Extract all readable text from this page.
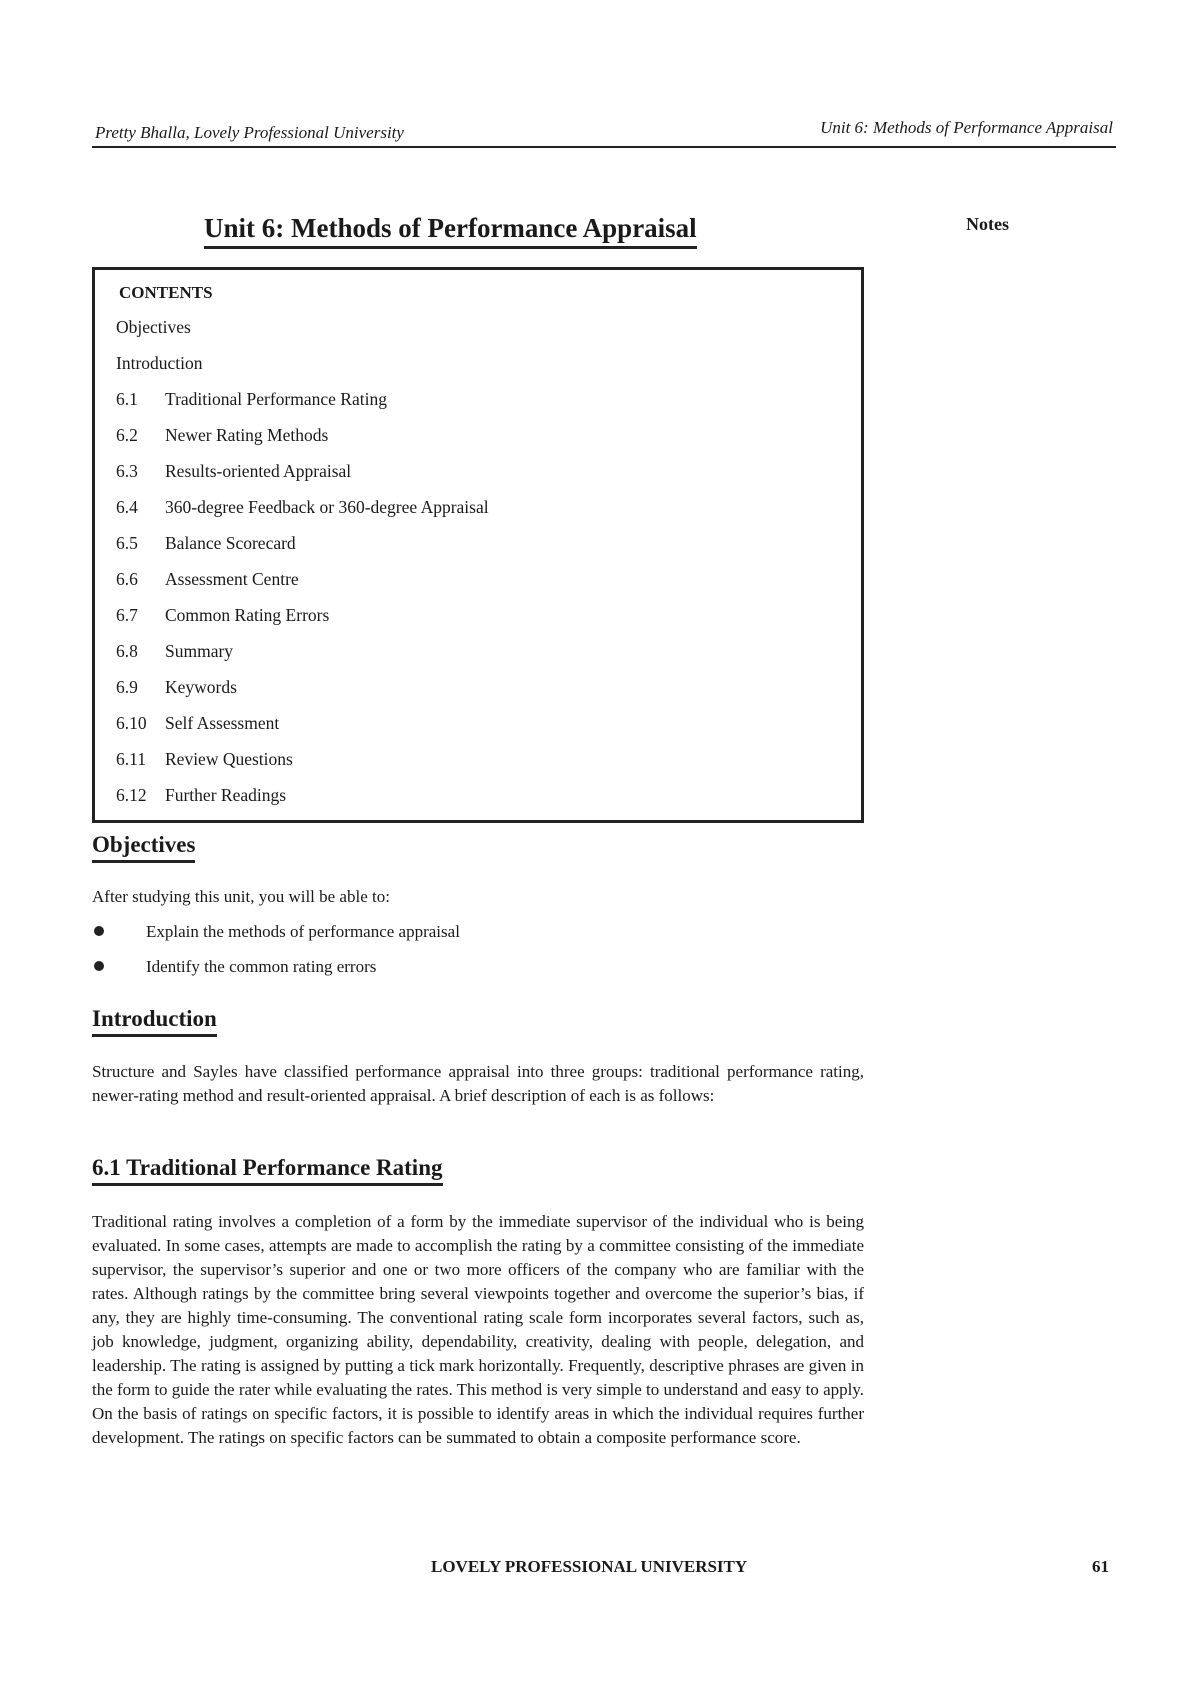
Pretty Bhalla, Lovely Professional University	Unit 6: Methods of Performance Appraisal
Unit 6: Methods of Performance Appraisal	Notes
CONTENTS
Objectives
Introduction
6.1 Traditional Performance Rating
6.2 Newer Rating Methods
6.3 Results-oriented Appraisal
6.4 360-degree Feedback or 360-degree Appraisal
6.5 Balance Scorecard
6.6 Assessment Centre
6.7 Common Rating Errors
6.8 Summary
6.9 Keywords
6.10 Self Assessment
6.11 Review Questions
6.12 Further Readings
Objectives

After studying this unit, you will be able to:

Explain the methods of performance appraisal
Identify the common rating errors
Introduction

Structure and Sayles have classified performance appraisal into three groups: traditional performance rating, newer-rating method and result-oriented appraisal. A brief description of each is as follows:

6.1 Traditional Performance Rating

Traditional rating involves a completion of a form by the immediate supervisor of the individual who is being evaluated. In some cases, attempts are made to accomplish the rating by a committee consisting of the immediate supervisor, the supervisor’s superior and one or two more officers of the company who are familiar with the rates. Although ratings by the committee bring several viewpoints together and overcome the superior’s bias, if any, they are highly time-consuming. The conventional rating scale form incorporates several factors, such as, job knowledge, judgment, organizing ability, dependability, creativity, dealing with people, delegation, and leadership. The rating is assigned by putting a tick mark horizontally. Frequently, descriptive phrases are given in the form to guide the rater while evaluating the rates. This method is very simple to understand and easy to apply. On the basis of ratings on specific factors, it is possible to identify areas in which the individual requires further development. The ratings on specific factors can be summated to obtain a composite performance score.

LOVELY PROFESSIONAL UNIVERSITY	61
